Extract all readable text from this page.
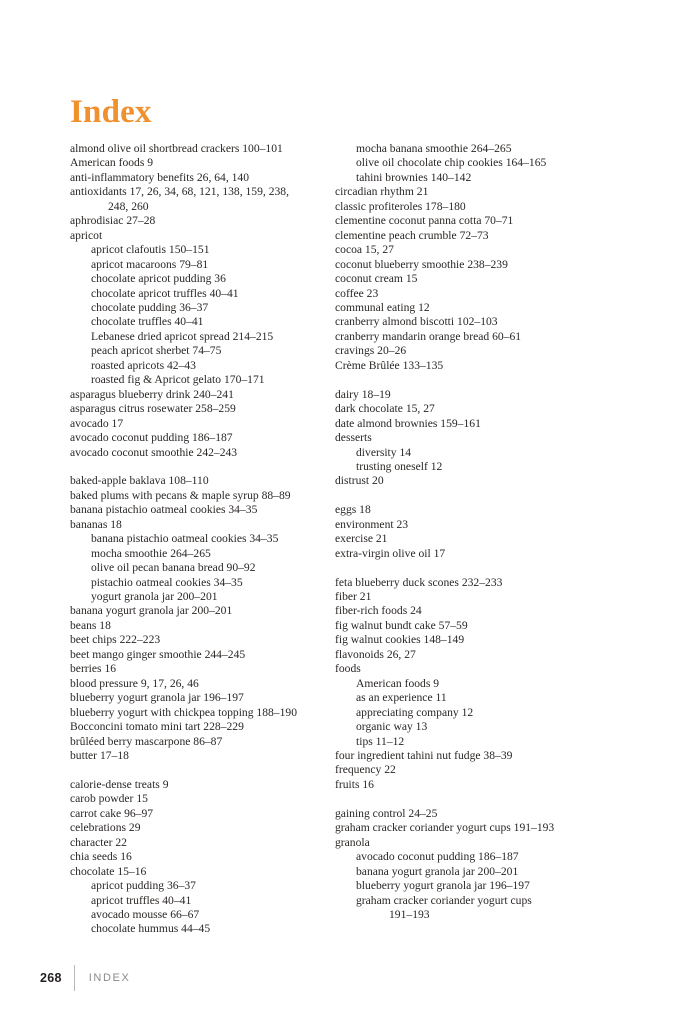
Index
almond olive oil shortbread crackers 100–101
American foods 9
anti-inflammatory benefits 26, 64, 140
antioxidants 17, 26, 34, 68, 121, 138, 159, 238,
248, 260
aphrodisiac 27–28
apricot
apricot clafoutis 150–151
apricot macaroons 79–81
chocolate apricot pudding 36
chocolate apricot truffles 40–41
chocolate pudding 36–37
chocolate truffles 40–41
Lebanese dried apricot spread 214–215
peach apricot sherbet 74–75
roasted apricots 42–43
roasted fig & Apricot gelato 170–171
asparagus blueberry drink 240–241
asparagus citrus rosewater 258–259
avocado 17
avocado coconut pudding 186–187
avocado coconut smoothie 242–243
baked-apple baklava 108–110
baked plums with pecans & maple syrup 88–89
banana pistachio oatmeal cookies 34–35
bananas 18
banana pistachio oatmeal cookies 34–35
mocha smoothie 264–265
olive oil pecan banana bread 90–92
pistachio oatmeal cookies 34–35
yogurt granola jar 200–201
banana yogurt granola jar 200–201
beans 18
beet chips 222–223
beet mango ginger smoothie 244–245
berries 16
blood pressure 9, 17, 26, 46
blueberry yogurt granola jar 196–197
blueberry yogurt with chickpea topping 188–190
Bocconcini tomato mini tart 228–229
brûléed berry mascarpone 86–87
butter 17–18
calorie-dense treats 9
carob powder 15
carrot cake 96–97
celebrations 29
character 22
chia seeds 16
chocolate 15–16
apricot pudding 36–37
apricot truffles 40–41
avocado mousse 66–67
chocolate hummus 44–45
mocha banana smoothie 264–265
olive oil chocolate chip cookies 164–165
tahini brownies 140–142
circadian rhythm 21
classic profiteroles 178–180
clementine coconut panna cotta 70–71
clementine peach crumble 72–73
cocoa 15, 27
coconut blueberry smoothie 238–239
coconut cream 15
coffee 23
communal eating 12
cranberry almond biscotti 102–103
cranberry mandarin orange bread 60–61
cravings 20–26
Crème Brûlée 133–135
dairy 18–19
dark chocolate 15, 27
date almond brownies 159–161
desserts
diversity 14
trusting oneself 12
distrust 20
eggs 18
environment 23
exercise 21
extra-virgin olive oil 17
feta blueberry duck scones 232–233
fiber 21
fiber-rich foods 24
fig walnut bundt cake 57–59
fig walnut cookies 148–149
flavonoids 26, 27
foods
American foods 9
as an experience 11
appreciating company 12
organic way 13
tips 11–12
four ingredient tahini nut fudge 38–39
frequency 22
fruits 16
gaining control 24–25
graham cracker coriander yogurt cups 191–193
granola
avocado coconut pudding 186–187
banana yogurt granola jar 200–201
blueberry yogurt granola jar 196–197
graham cracker coriander yogurt cups
191–193
268	INDEX
